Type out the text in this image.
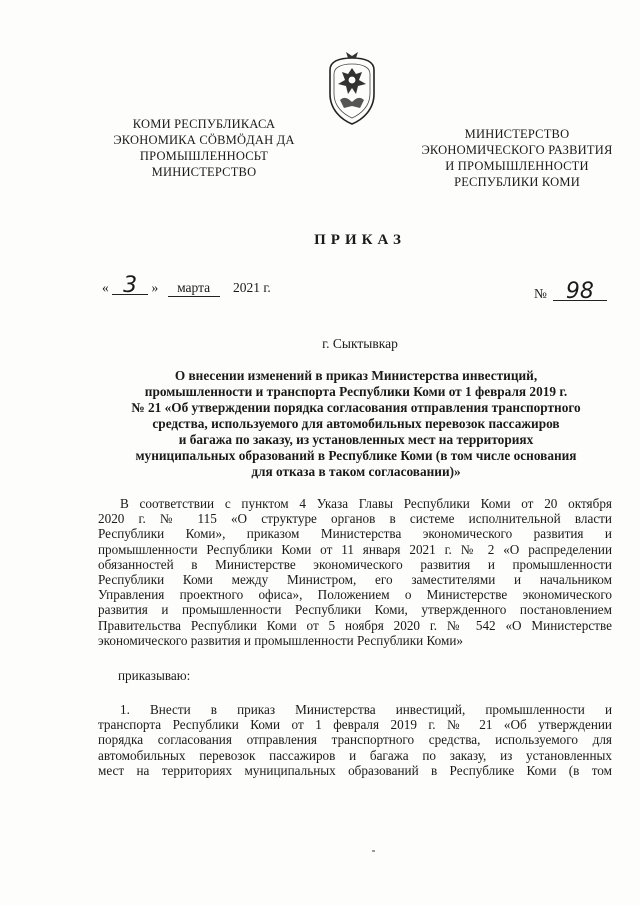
КОМИ РЕСПУБЛИКАСА
ЭКОНОМИКА СӦВМӦДАН ДА
ПРОМЫШЛЕННОСЬТ
МИНИСТЕРСТВО
МИНИСТЕРСТВО
ЭКОНОМИЧЕСКОГО РАЗВИТИЯ
И ПРОМЫШЛЕННОСТИ
РЕСПУБЛИКИ КОМИ
ПРИКАЗ
« 3 » марта 2021 г.	№ 98
г. Сыктывкар
О внесении изменений в приказ Министерства инвестиций,
промышленности и транспорта Республики Коми от 1 февраля 2019 г.
№ 21 «Об утверждении порядка согласования отправления транспортного
средства, используемого для автомобильных перевозок пассажиров
и багажа по заказу, из установленных мест на территориях
муниципальных образований в Республике Коми (в том числе основания
для отказа в таком согласовании)»
В соответствии с пунктом 4 Указа Главы Республики Коми от 20 октября
2020 г. № 115 «О структуре органов в системе исполнительной власти
Республики Коми», приказом Министерства экономического развития и
промышленности Республики Коми от 11 января 2021 г. № 2 «О распределении
обязанностей в Министерстве экономического развития и промышленности
Республики Коми между Министром, его заместителями и начальником
Управления проектного офиса», Положением о Министерстве экономического
развития и промышленности Республики Коми, утвержденного постановлением
Правительства Республики Коми от 5 ноября 2020 г. № 542 «О Министерстве
экономического развития и промышленности Республики Коми»
приказываю:
1. Внести в приказ Министерства инвестиций, промышленности и
транспорта Республики Коми от 1 февраля 2019 г. № 21 «Об утверждении
порядка согласования отправления транспортного средства, используемого для
автомобильных перевозок пассажиров и багажа по заказу, из установленных
мест на территориях муниципальных образований в Республике Коми (в том
